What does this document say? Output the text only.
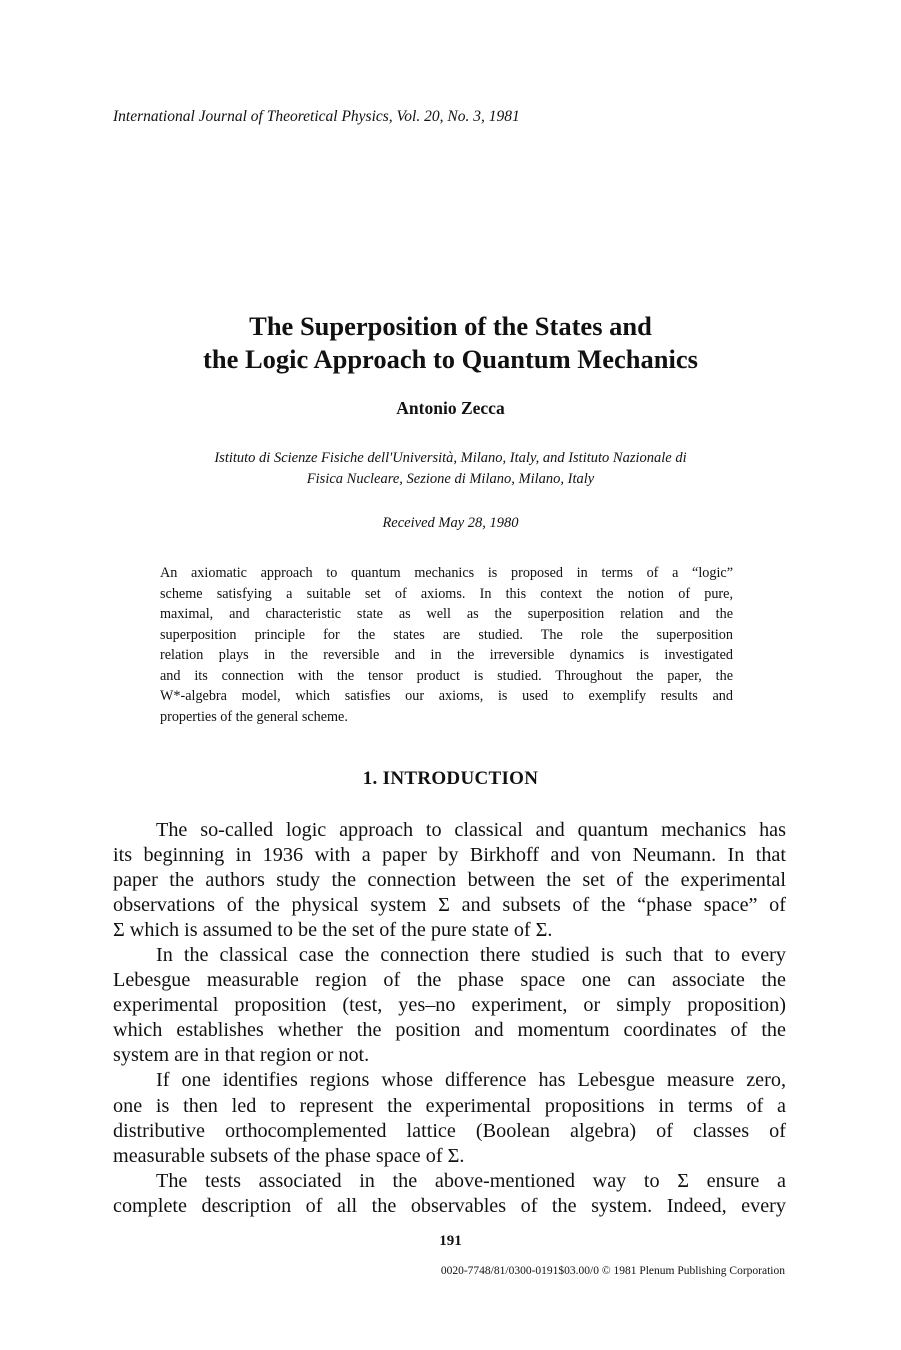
International Journal of Theoretical Physics, Vol. 20, No. 3, 1981
The Superposition of the States and
the Logic Approach to Quantum Mechanics
Antonio Zecca
Istituto di Scienze Fisiche dell'Università, Milano, Italy, and Istituto Nazionale di
Fisica Nucleare, Sezione di Milano, Milano, Italy
Received May 28, 1980
An axiomatic approach to quantum mechanics is proposed in terms of a “logic”
scheme satisfying a suitable set of axioms. In this context the notion of pure,
maximal, and characteristic state as well as the superposition relation and the
superposition principle for the states are studied. The role the superposition
relation plays in the reversible and in the irreversible dynamics is investigated
and its connection with the tensor product is studied. Throughout the paper, the
W*-algebra model, which satisfies our axioms, is used to exemplify results and
properties of the general scheme.
1. INTRODUCTION
The so-called logic approach to classical and quantum mechanics has
its beginning in 1936 with a paper by Birkhoff and von Neumann. In that
paper the authors study the connection between the set of the experimental
observations of the physical system Σ and subsets of the “phase space” of
Σ which is assumed to be the set of the pure state of Σ.
In the classical case the connection there studied is such that to every
Lebesgue measurable region of the phase space one can associate the
experimental proposition (test, yes–no experiment, or simply proposition)
which establishes whether the position and momentum coordinates of the
system are in that region or not.
If one identifies regions whose difference has Lebesgue measure zero,
one is then led to represent the experimental propositions in terms of a
distributive orthocomplemented lattice (Boolean algebra) of classes of
measurable subsets of the phase space of Σ.
The tests associated in the above-mentioned way to Σ ensure a
complete description of all the observables of the system. Indeed, every
191
0020-7748/81/0300-0191$03.00/0 © 1981 Plenum Publishing Corporation
